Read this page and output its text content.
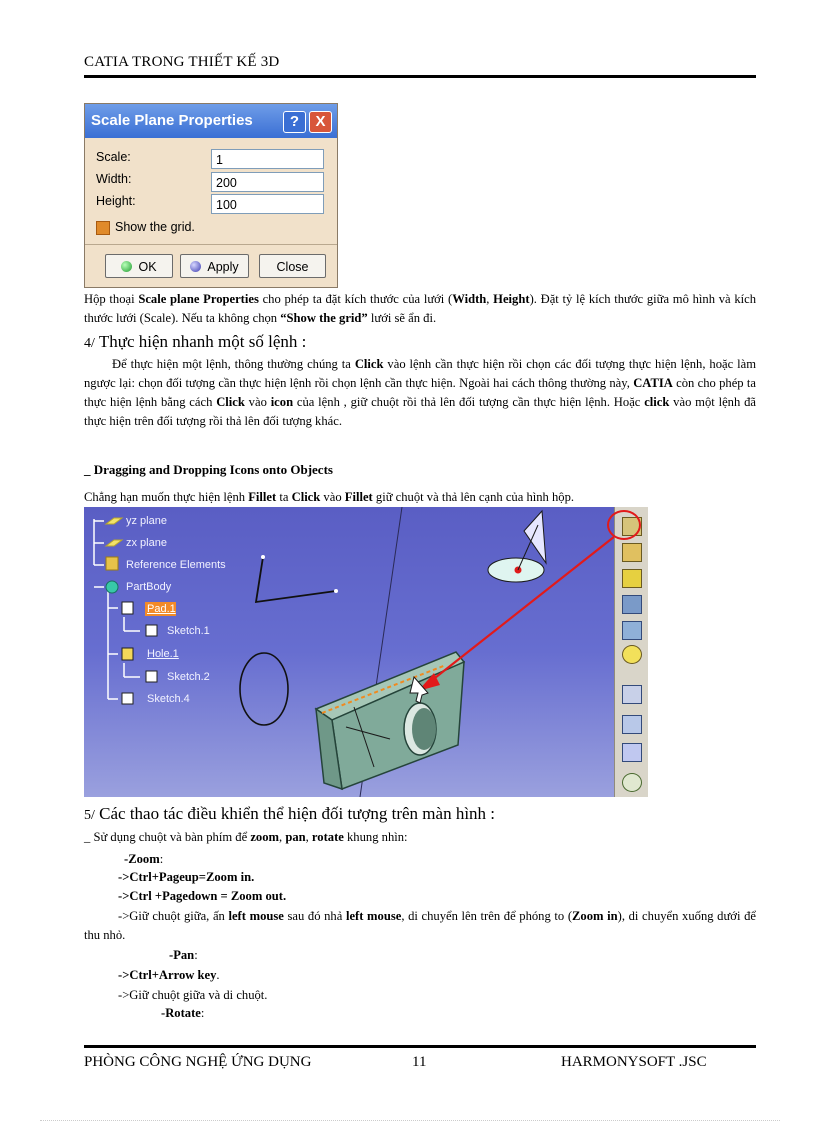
CATIA TRONG THIẾT KẾ 3D
Scale Plane Properties	?	X
Scale:	1
Width:	200
Height:	100
Show the grid.
OK	Apply	Close
Hộp thoại Scale plane Properties cho phép ta đặt kích thước của lưới (Width, Height). Đặt tỷ lệ kích thước giữa mô hình và kích thước lưới (Scale). Nếu ta không chọn “Show the grid” lưới sẽ ẩn đi.
4/ Thực hiện nhanh một số lệnh :
Để thực hiện một lệnh, thông thường chúng ta Click vào lệnh cần thực hiện rồi chọn các đối tượng thực hiện lệnh, hoặc làm ngược lại: chọn đối tượng cần thực hiện lệnh rồi chọn lệnh cần thực hiện. Ngoài hai cách thông thường này, CATIA còn cho phép ta thực hiện lệnh bằng cách Click vào icon của lệnh , giữ chuột rồi thả lên đối tượng cần thực hiện lệnh. Hoặc click vào một lệnh đã thực hiện trên đối tượng rồi thả lên đối tượng khác.
_ Dragging and Dropping Icons onto Objects
Chẳng hạn muốn thực hiện lệnh Fillet ta Click vào Fillet giữ chuột và thả lên cạnh của hình hộp.
yz plane
zx plane
Reference Elements
PartBody
Pad.1
Sketch.1
Hole.1
Sketch.2
Sketch.4
5/ Các thao tác điều khiển thể hiện đối tượng trên màn hình :
_ Sử dụng chuột và bàn phím để zoom, pan, rotate khung nhìn:
-Zoom:
->Ctrl+Pageup=Zoom in.
->Ctrl +Pagedown = Zoom out.
->Giữ chuột giữa, ấn left mouse sau đó nhả left mouse, di chuyển lên trên để phóng to (Zoom in), di chuyển xuống dưới để thu nhỏ.
-Pan:
->Ctrl+Arrow key.
->Giữ chuột giữa và di chuột.
-Rotate:
PHÒNG CÔNG NGHỆ ỨNG DỤNG	11	HARMONYSOFT .JSC
